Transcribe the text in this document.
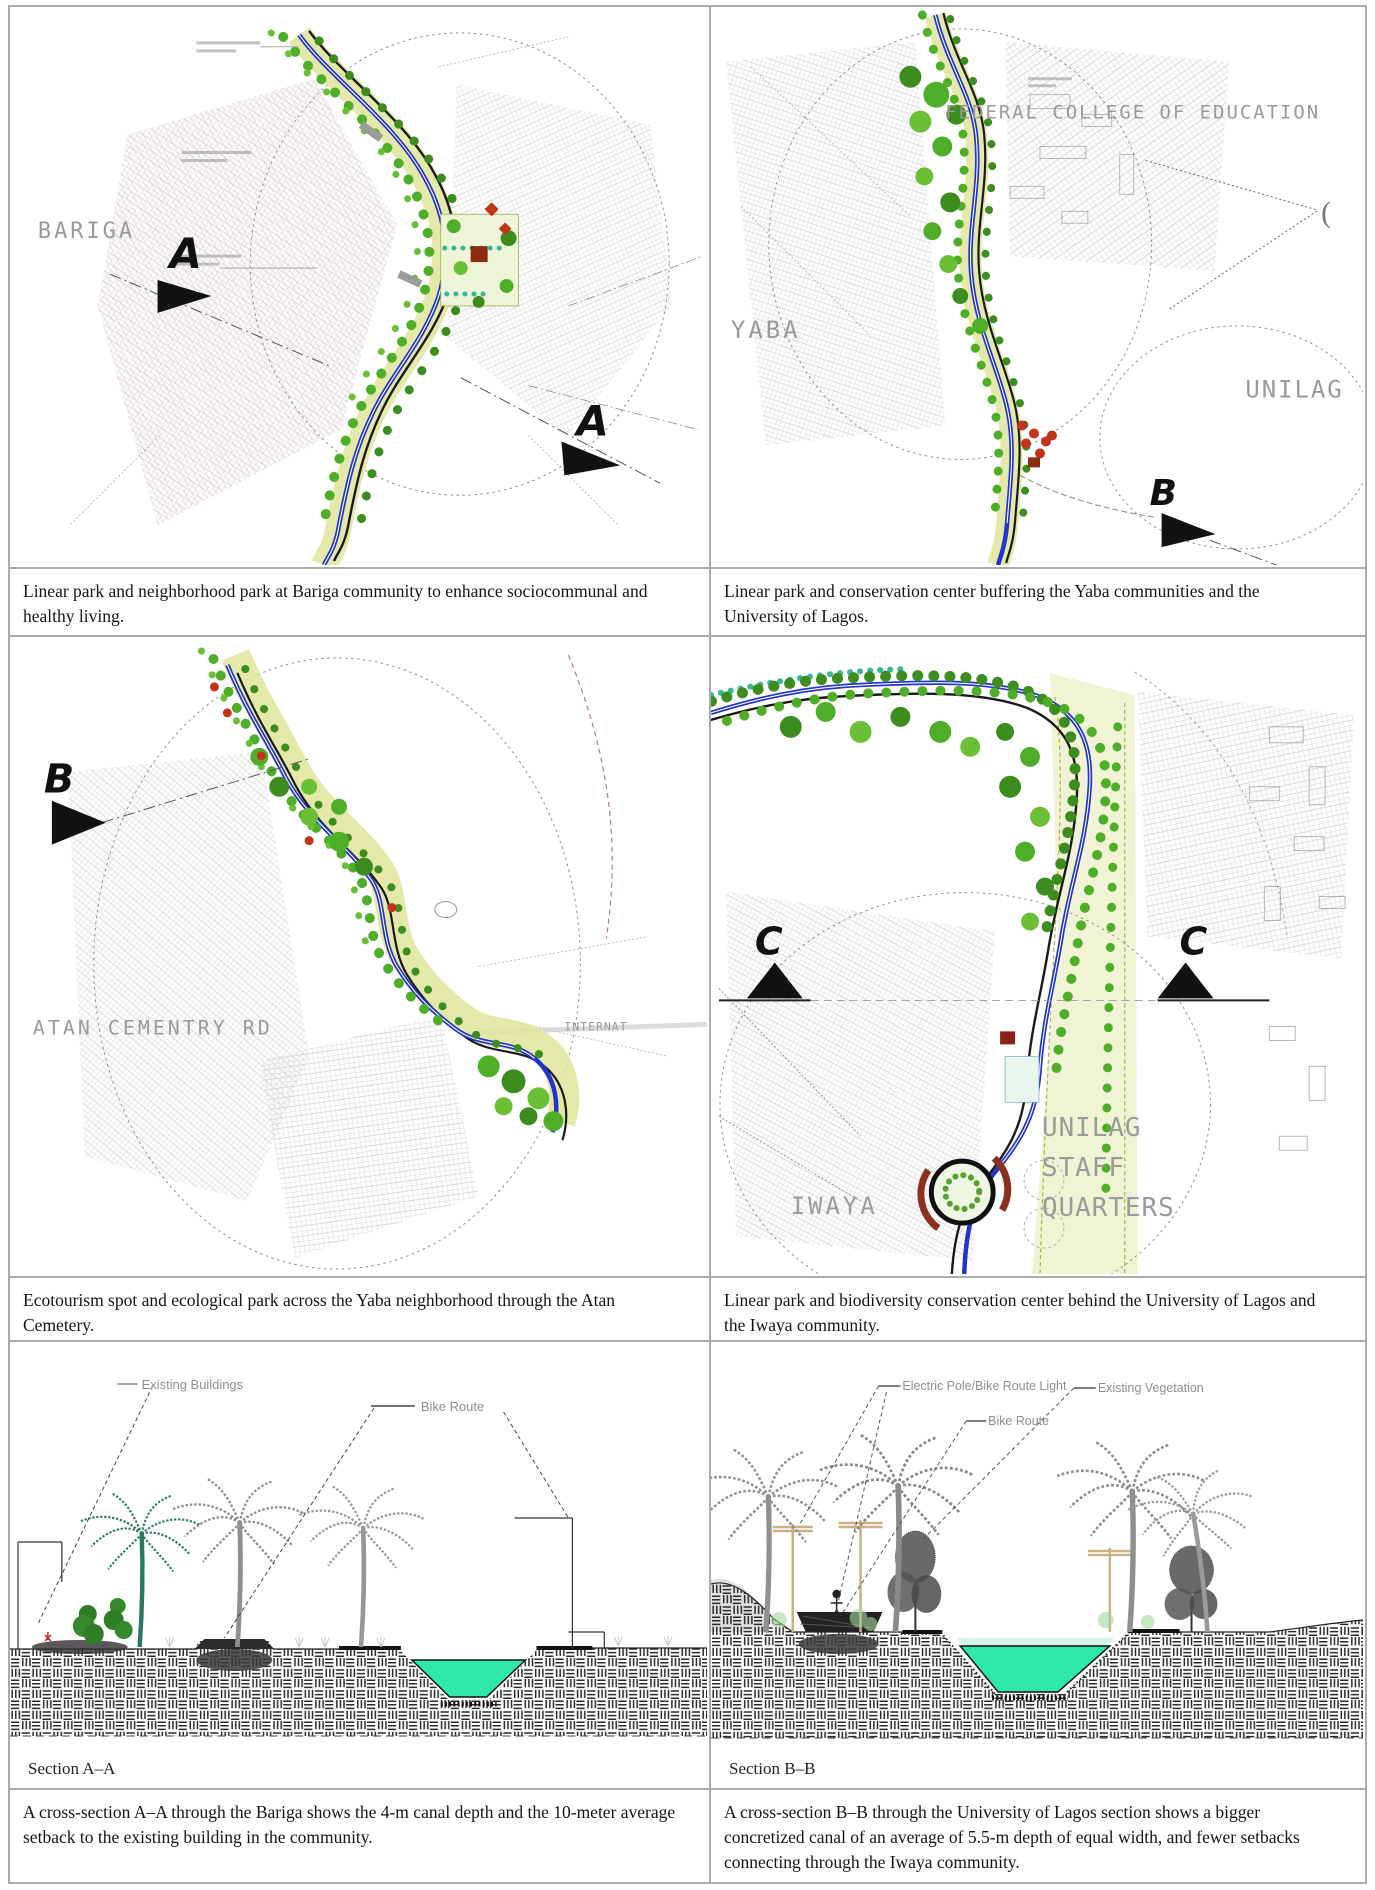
BARIGA A
A
(
FEDERAL COLLEGE OF EDUCATION
YABA
UNILAG
B

Linear park and neighborhood park at Bariga community to enhance sociocommunal and healthy living.

Linear park and conservation center buffering the Yaba communities and the University of Lagos.

B
ATAN CEMENTRY RD	INTERNAT
C	C
UNILAG
STAFF
QUARTERS
IWAYA

Ecotourism spot and ecological park across the Yaba neighborhood through the Atan Cemetery.

Linear park and biodiversity conservation center behind the University of Lagos and the Iwaya community.

Existing Buildings
Bike Route
Section A–A
Electric Pole/Bike Route Light
Bike Route
Existing Vegetation
Section B–B

A cross-section A–A through the Bariga shows the 4-m canal depth and the 10-meter average setback to the existing building in the community.

A cross-section B–B through the University of Lagos section shows a bigger concretized canal of an average of 5.5-m depth of equal width, and fewer setbacks connecting through the Iwaya community.
